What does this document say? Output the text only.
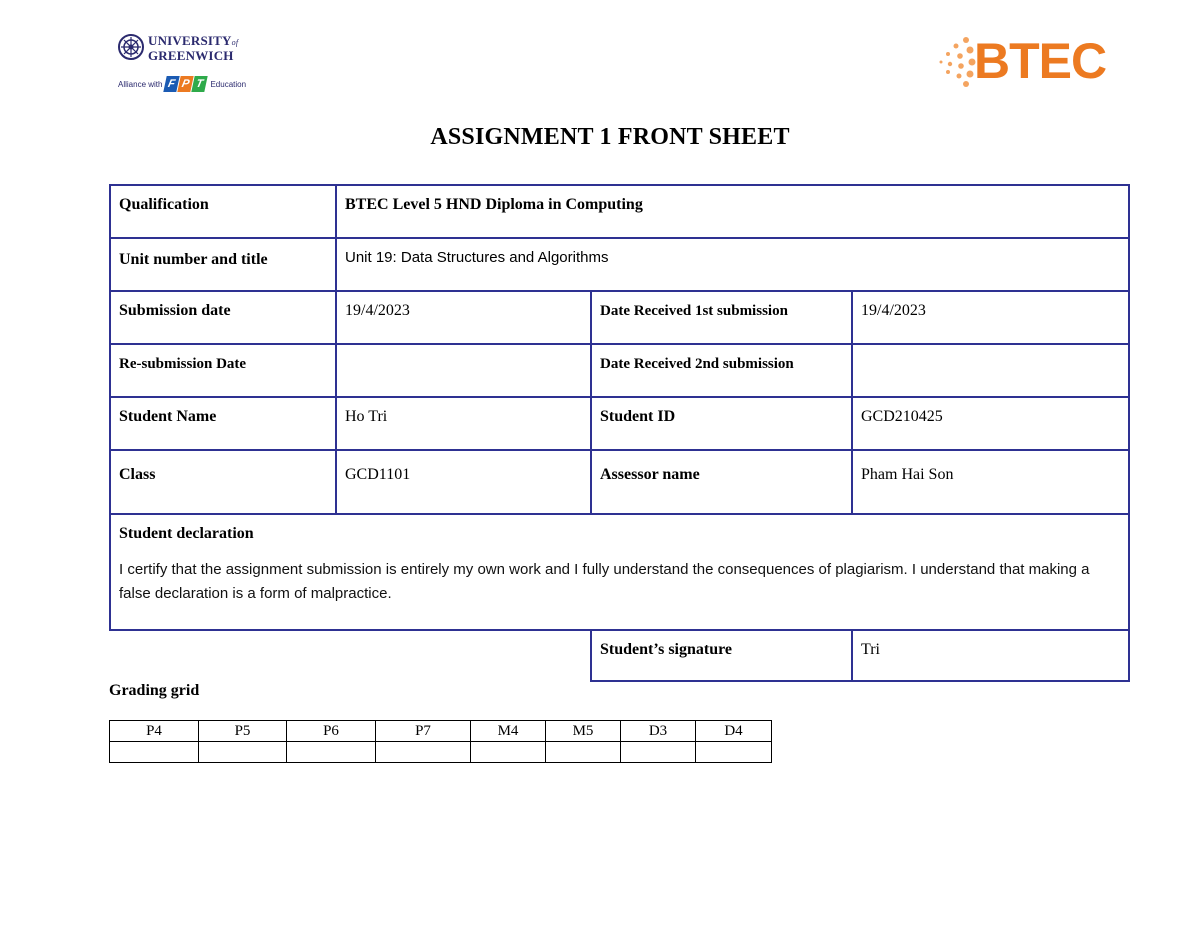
UNIVERSITYof
GREENWICH
Alliance with F P T Education	BTEC
ASSIGNMENT 1 FRONT SHEET
Qualification	BTEC Level 5 HND Diploma in Computing		
Unit number and title	Unit 19: Data Structures and Algorithms		
Submission date	19/4/2023	Date Received 1st submission	19/4/2023
Re-submission Date		Date Received 2nd submission	
Student Name	Ho Tri	Student ID	GCD210425
Class	GCD1101	Assessor name	Pham Hai Son

Student declaration
I certify that the assignment submission is entirely my own work and I fully understand the consequences of plagiarism. I understand that making a false declaration is a form of malpractice.			

		Student’s signature	Tri
Grading grid
P4	P5	P6	P7	M4	M5	D3	D4
